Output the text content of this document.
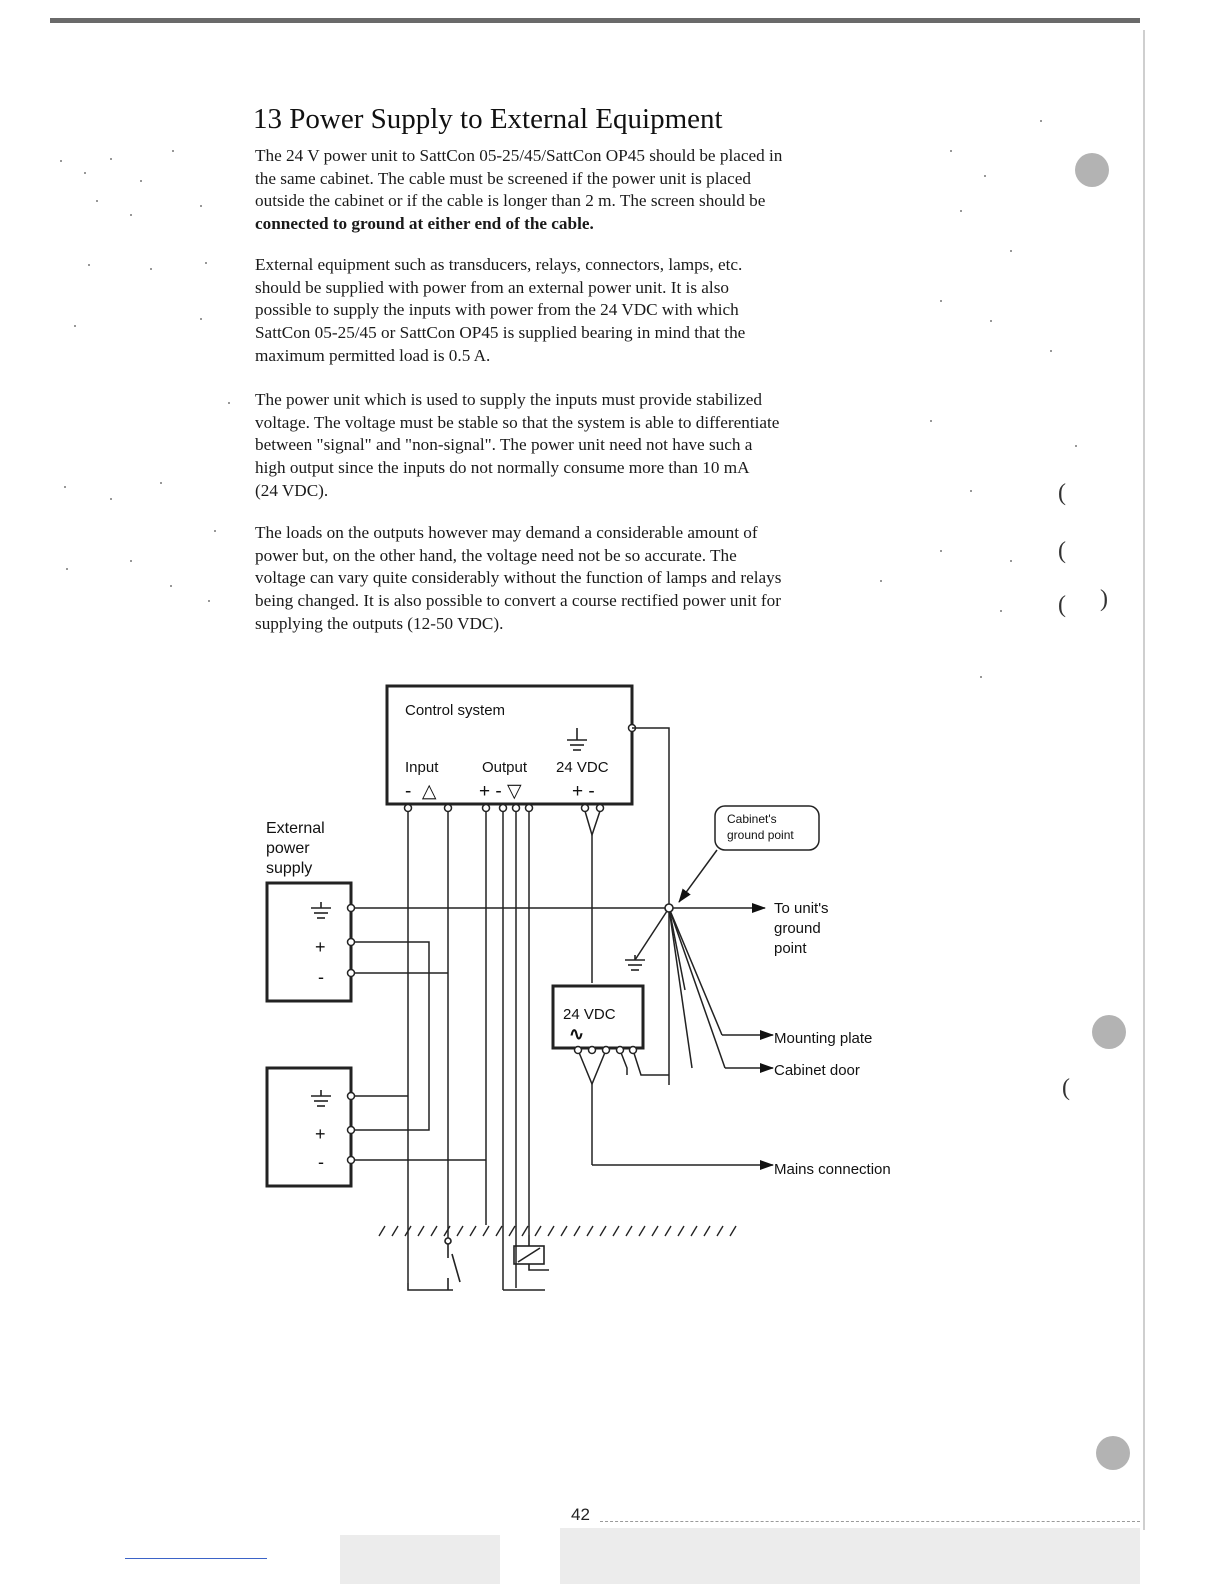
(
(
( )
(
13 Power Supply to External Equipment
The 24 V power unit to SattCon 05-25/45/SattCon OP45 should be placed in
the same cabinet. The cable must be screened if the power unit is placed
outside the cabinet or if the cable is longer than 2 m. The screen should be
connected to ground at either end of the cable.
External equipment such as transducers, relays, connectors, lamps, etc.
should be supplied with power from an external power unit. It is also
possible to supply the inputs with power from the 24 VDC with which
SattCon 05-25/45 or SattCon OP45 is supplied bearing in mind that the
maximum permitted load is 0.5 A.
The power unit which is used to supply the inputs must provide stabilized
voltage. The voltage must be stable so that the system is able to differentiate
between "signal" and "non-signal". The power unit need not have such a
high output since the inputs do not normally consume more than 10 mA
(24 VDC).
The loads on the outputs however may demand a considerable amount of
power but, on the other hand, the voltage need not be so accurate. The
voltage can vary quite considerably without the function of lamps and relays
being changed. It is also possible to convert a course rectified power unit for
supplying the outputs (12-50 VDC).
Control system
Input	Output 24 VDC
-  △ + - ▽	+ -
External
power
supply
+
-
+
-
Cabinet's
ground point
To unit's
ground
point
24 VDC
∿	Mounting plate
Cabinet door
Mains connection
42
